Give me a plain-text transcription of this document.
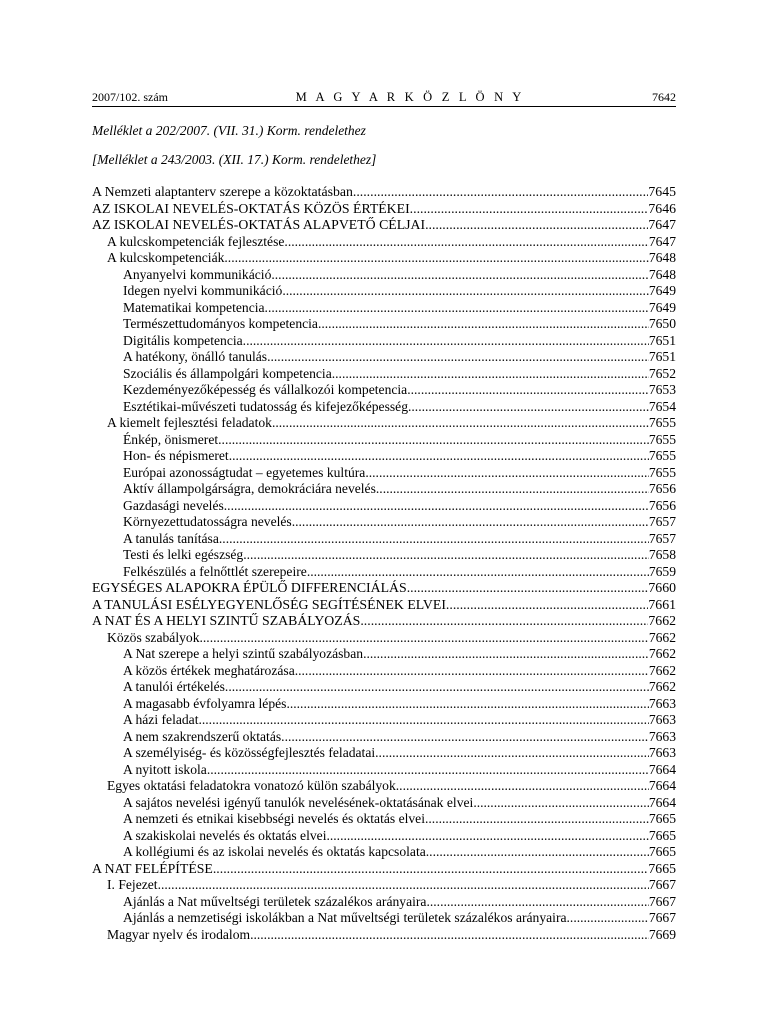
2007/102. szám	M A G Y A R K Ö Z L Ö N Y	7642
Melléklet a 202/2007. (VII. 31.) Korm. rendelethez
[Melléklet a 243/2003. (XII. 17.) Korm. rendelethez]
A Nemzeti alaptanterv szerepe a közoktatásban .....	7645
AZ ISKOLAI NEVELÉS-OKTATÁS KÖZÖS ÉRTÉKEI .....	7646
AZ ISKOLAI NEVELÉS-OKTATÁS ALAPVETŐ CÉLJAI .....	7647
A kulcskompetenciák fejlesztése .....	7647
A kulcskompetenciák .....	7648
Anyanyelvi kommunikáció .....	7648
Idegen nyelvi kommunikáció .....	7649
Matematikai kompetencia .....	7649
Természettudományos kompetencia .....	7650
Digitális kompetencia .....	7651
A hatékony, önálló tanulás .....	7651
Szociális és állampolgári kompetencia .....	7652
Kezdeményezőképesség és vállalkozói kompetencia .....	7653
Esztétikai-művészeti tudatosság és kifejezőképesség .....	7654
A kiemelt fejlesztési feladatok .....	7655
Énkép, önismeret .....	7655
Hon- és népismeret .....	7655
Európai azonosságtudat – egyetemes kultúra .....	7655
Aktív állampolgárságra, demokráciára nevelés .....	7656
Gazdasági nevelés .....	7656
Környezettudatosságra nevelés .....	7657
A tanulás tanítása .....	7657
Testi és lelki egészség .....	7658
Felkészülés a felnőttlét szerepeire .....	7659
EGYSÉGES ALAPOKRA ÉPÜLŐ DIFFERENCIÁLÁS .....	7660
A TANULÁSI ESÉLYEGYENLŐSÉG SEGÍTÉSÉNEK ELVEI .....	7661
A NAT ÉS A HELYI SZINTŰ SZABÁLYOZÁS .....	7662
Közös szabályok .....	7662
A Nat szerepe a helyi szintű szabályozásban .....	7662
A közös értékek meghatározása .....	7662
A tanulói értékelés .....	7662
A magasabb évfolyamra lépés .....	7663
A házi feladat .....	7663
A nem szakrendszerű oktatás .....	7663
A személyiség- és közösségfejlesztés feladatai .....	7663
A nyitott iskola .....	7664
Egyes oktatási feladatokra vonatozó külön szabályok .....	7664
A sajátos nevelési igényű tanulók nevelésének-oktatásának elvei .....	7664
A nemzeti és etnikai kisebbségi nevelés és oktatás elvei .....	7665
A szakiskolai nevelés és oktatás elvei .....	7665
A kollégiumi és az iskolai nevelés és oktatás kapcsolata .....	7665
A NAT FELÉPÍTÉSE .....	7665
I. Fejezet .....	7667
Ajánlás a Nat műveltségi területek százalékos arányaira .....	7667
Ajánlás a nemzetiségi iskolákban a Nat műveltségi területek százalékos arányaira .....	7667
Magyar nyelv és irodalom .....	7669
